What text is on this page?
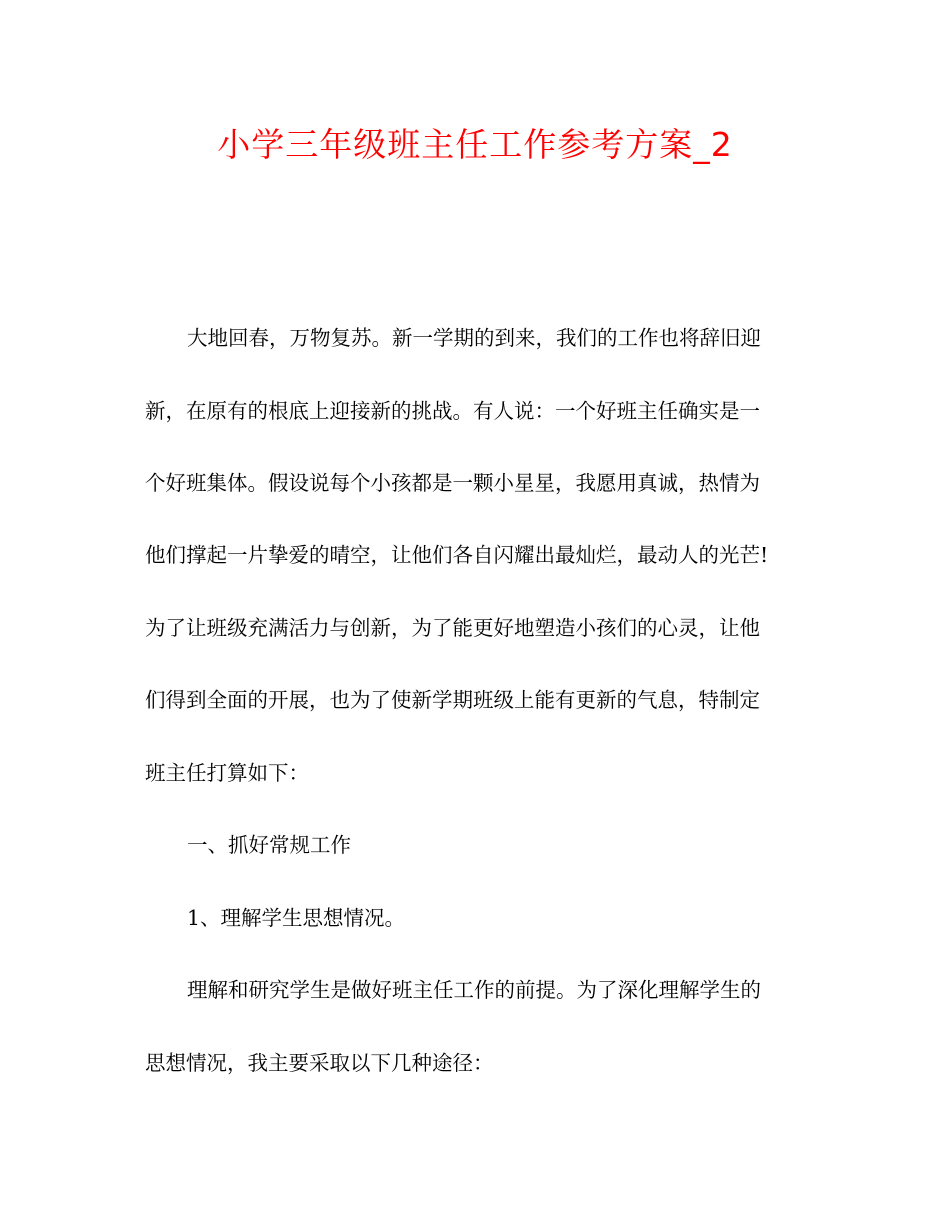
小学三年级班主任工作参考方案_2

大地回春，万物复苏。新一学期的到来，我们的工作也将辞旧迎

新，在原有的根底上迎接新的挑战。有人说：一个好班主任确实是一

个好班集体。假设说每个小孩都是一颗小星星，我愿用真诚，热情为

他们撑起一片挚爱的晴空，让他们各自闪耀出最灿烂，最动人的光芒!

为了让班级充满活力与创新，为了能更好地塑造小孩们的心灵，让他

们得到全面的开展，也为了使新学期班级上能有更新的气息，特制定

班主任打算如下：

一、抓好常规工作

1、理解学生思想情况。

理解和研究学生是做好班主任工作的前提。为了深化理解学生的

思想情况，我主要采取以下几种途径：
